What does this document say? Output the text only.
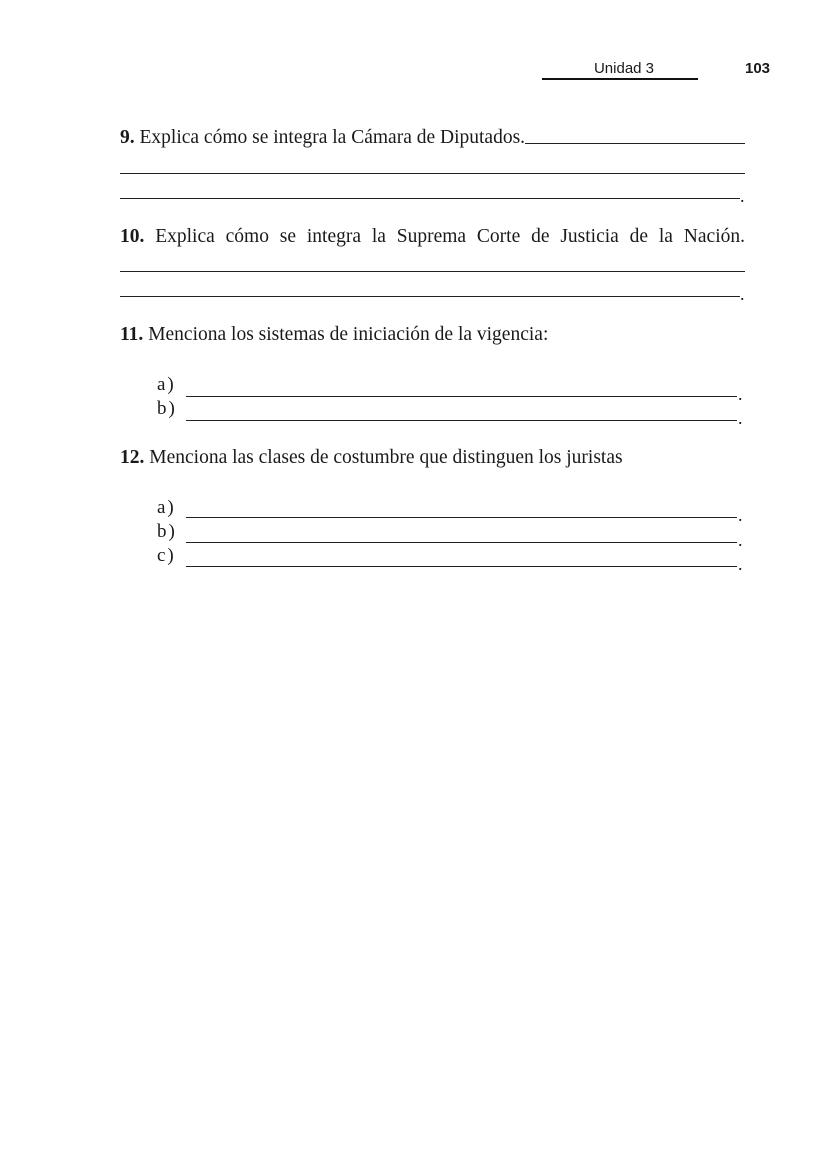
Unidad 3	103
9. Explica cómo se integra la Cámara de Diputados.
.
10. Explica cómo se integra la Suprema Corte de Justicia de la Nación.
.
11. Menciona los sistemas de iniciación de la vigencia:
a)	.
b)	.
12. Menciona las clases de costumbre que distinguen los juristas
a)	.
b)	.
c)	.
